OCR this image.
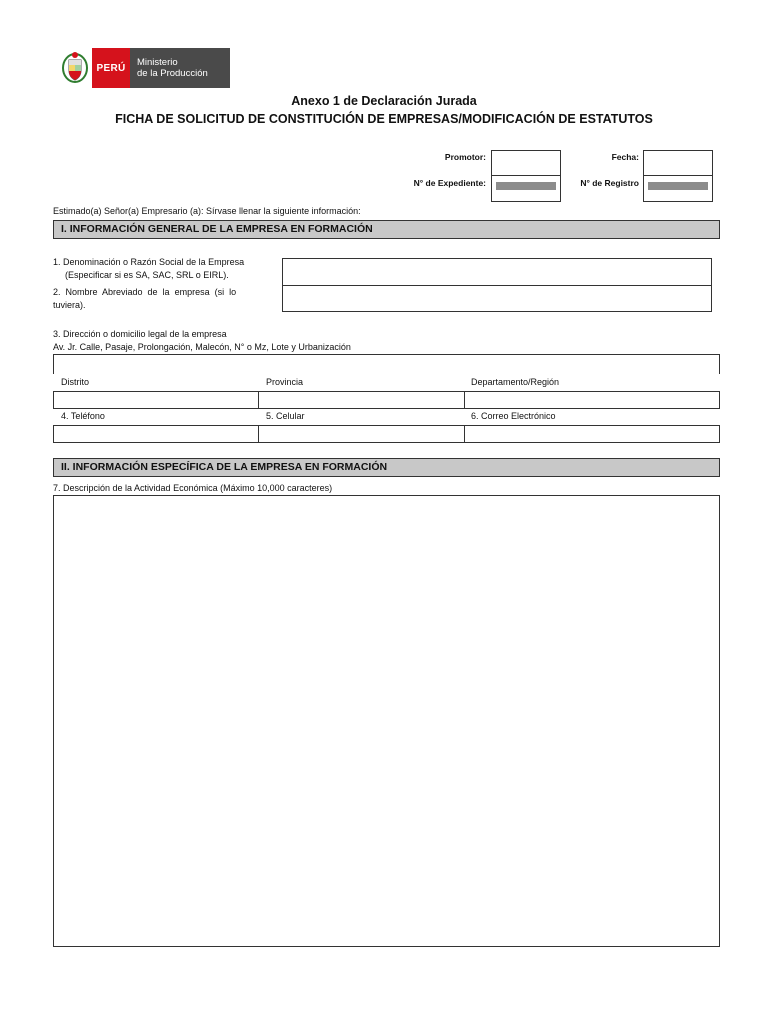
PERÚ	Ministerio
de la Producción
Anexo 1 de Declaración Jurada
FICHA DE SOLICITUD DE CONSTITUCIÓN DE EMPRESAS/MODIFICACIÓN DE ESTATUTOS
Promotor:	Fecha:
N° de Expediente:	N° de Registro
Estimado(a) Señor(a) Empresario (a): Sírvase llenar la siguiente información:
I. INFORMACIÓN GENERAL DE LA EMPRESA EN FORMACIÓN
1. Denominación o Razón Social de la Empresa
(Especificar si es SA, SAC, SRL o EIRL).
2.  Nombre  Abreviado  de  la  empresa  (si  lo
tuviera).
3. Dirección o domicilio legal de la empresa
Av. Jr. Calle, Pasaje, Prolongación, Malecón, N° o Mz, Lote y Urbanización
Distrito	Provincia	Departamento/Región
4. Teléfono	5. Celular	6. Correo Electrónico
II. INFORMACIÓN ESPECÍFICA DE LA EMPRESA EN FORMACIÓN
7. Descripción de la Actividad Económica (Máximo 10,000 caracteres)
